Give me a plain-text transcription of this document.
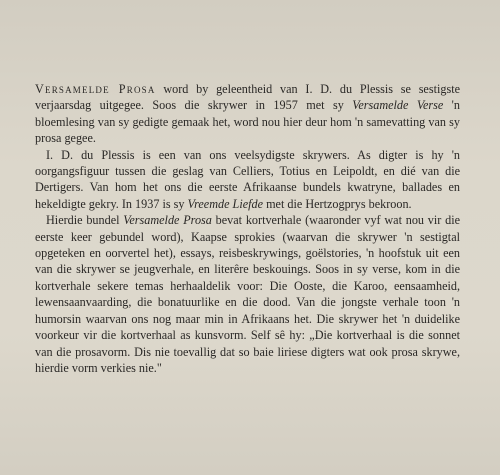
Versamelde Prosa word by geleentheid van I. D. du Plessis se sestigste verjaarsdag uitgegee. Soos die skrywer in 1957 met sy Versamelde Verse 'n bloemlesing van sy gedigte gemaak het, word nou hier deur hom 'n samevatting van sy prosa gegee.

I. D. du Plessis is een van ons veelsydigste skrywers. As digter is hy 'n oorgangsfiguur tussen die geslag van Celliers, Totius en Leipoldt, en dié van die Dertigers. Van hom het ons die eerste Afrikaanse bundels kwatryne, ballades en hekeldigte gekry. In 1937 is sy Vreemde Liefde met die Hertzogprys bekroon.

Hierdie bundel Versamelde Prosa bevat kortverhale (waaronder vyf wat nou vir die eerste keer gebundel word), Kaapse sprokies (waarvan die skrywer 'n sestigtal opgeteken en oorvertel het), essays, reisbeskrywings, goëlstories, 'n hoofstuk uit een van die skrywer se jeugverhale, en literêre beskouings. Soos in sy verse, kom in die kortverhale sekere temas herhaaldelik voor: Die Ooste, die Karoo, eensaamheid, lewensaanvaarding, die bonatuurlike en die dood. Van die jongste verhale toon 'n humorsin waarvan ons nog maar min in Afrikaans het. Die skrywer het 'n duidelike voorkeur vir die kortverhaal as kunsvorm. Self sê hy: „Die kortverhaal is die sonnet van die prosavorm. Dis nie toevallig dat so baie liriese digters wat ook prosa skrywe, hierdie vorm verkies nie."
